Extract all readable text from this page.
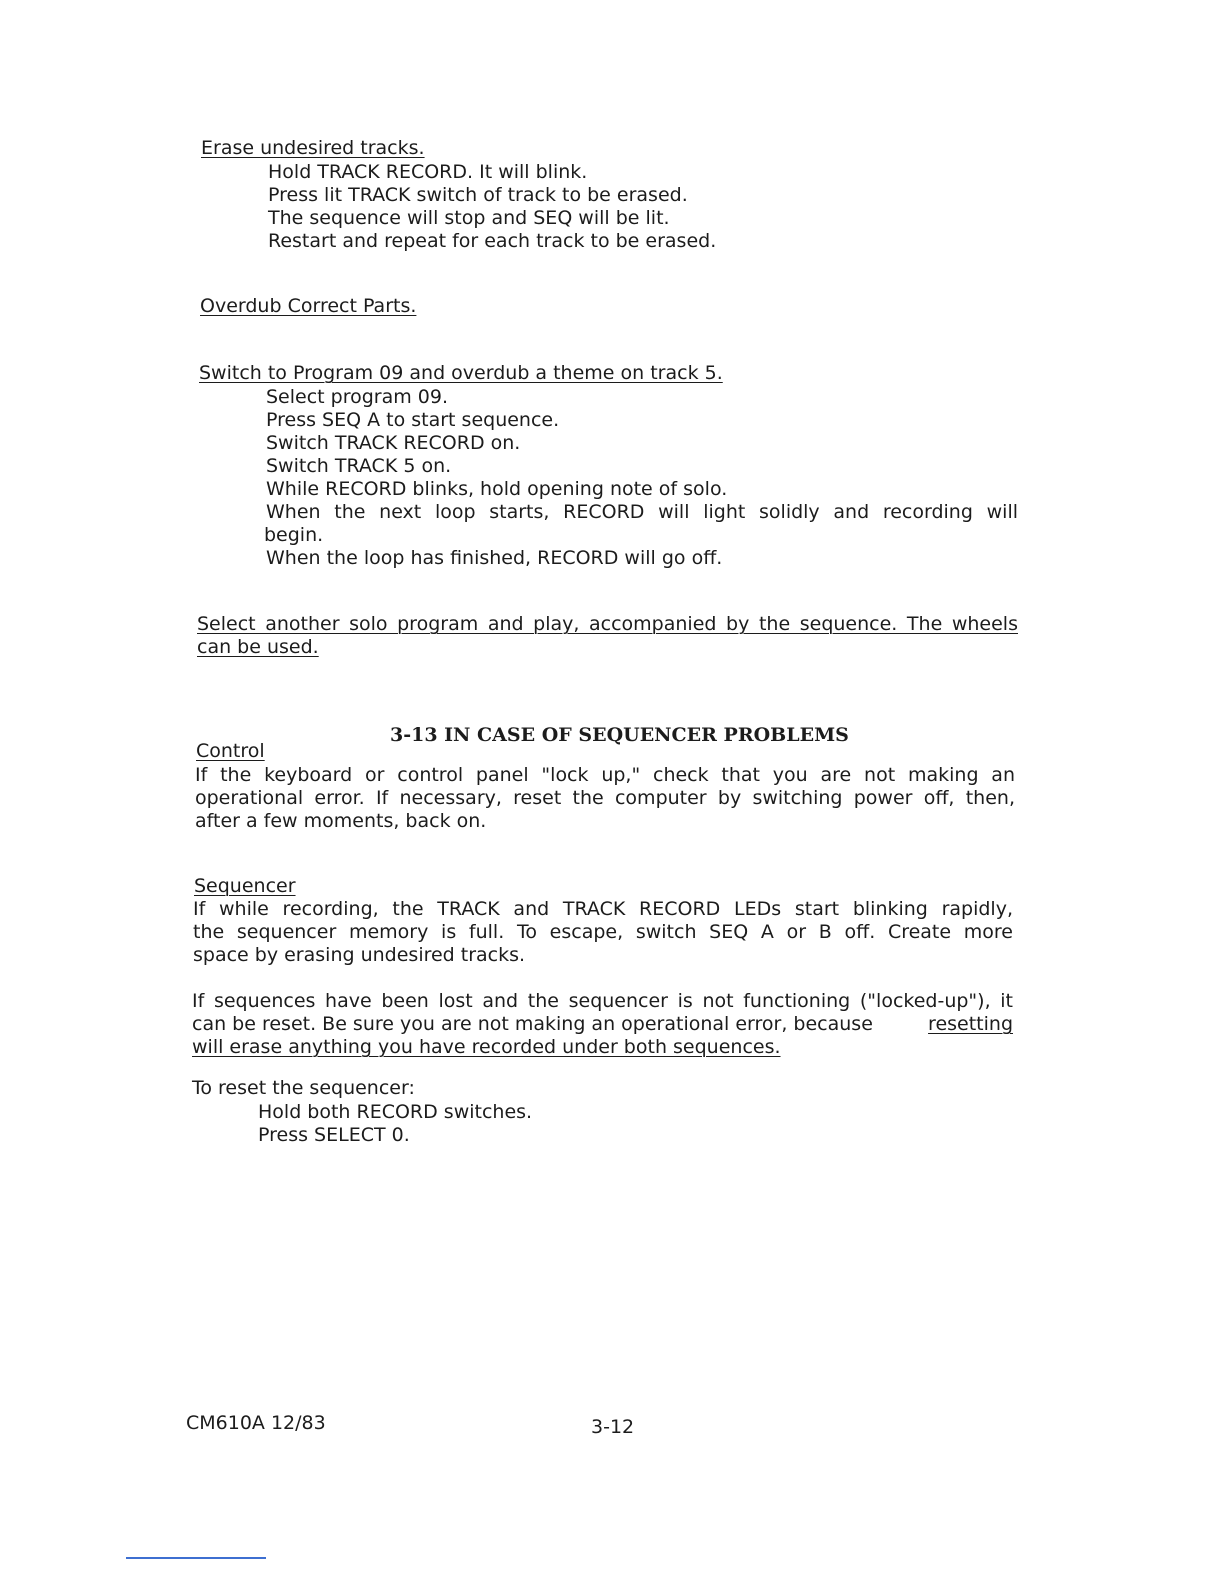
Erase undesired tracks.
Hold TRACK RECORD. It will blink.
Press lit TRACK switch of track to be erased.
The sequence will stop and SEQ will be lit.
Restart and repeat for each track to be erased.
Overdub Correct Parts.
Switch to Program 09 and overdub a theme on track 5.
Select program 09.
Press SEQ A to start sequence.
Switch TRACK RECORD on.
Switch TRACK 5 on.
While RECORD blinks, hold opening note of solo.
When the next loop starts, RECORD will light solidly and recording will
begin.
When the loop has finished, RECORD will go off.
Select another solo program and play, accompanied by the sequence. The wheels
can be used.
3-13 IN CASE OF SEQUENCER PROBLEMS
Control
If the keyboard or control panel "lock up," check that you are not making an
operational error. If necessary, reset the computer by switching power off, then,
after a few moments, back on.
Sequencer
If while recording, the TRACK and TRACK RECORD LEDs start blinking rapidly,
the sequencer memory is full. To escape, switch SEQ A or B off. Create more
space by erasing undesired tracks.
If sequences have been lost and the sequencer is not functioning ("locked-up"), it
can be reset. Be sure you are not making an operational error, because	resetting
will erase anything you have recorded under both sequences.
To reset the sequencer:
Hold both RECORD switches.
Press SELECT 0.
CM610A 12/83	3-12
